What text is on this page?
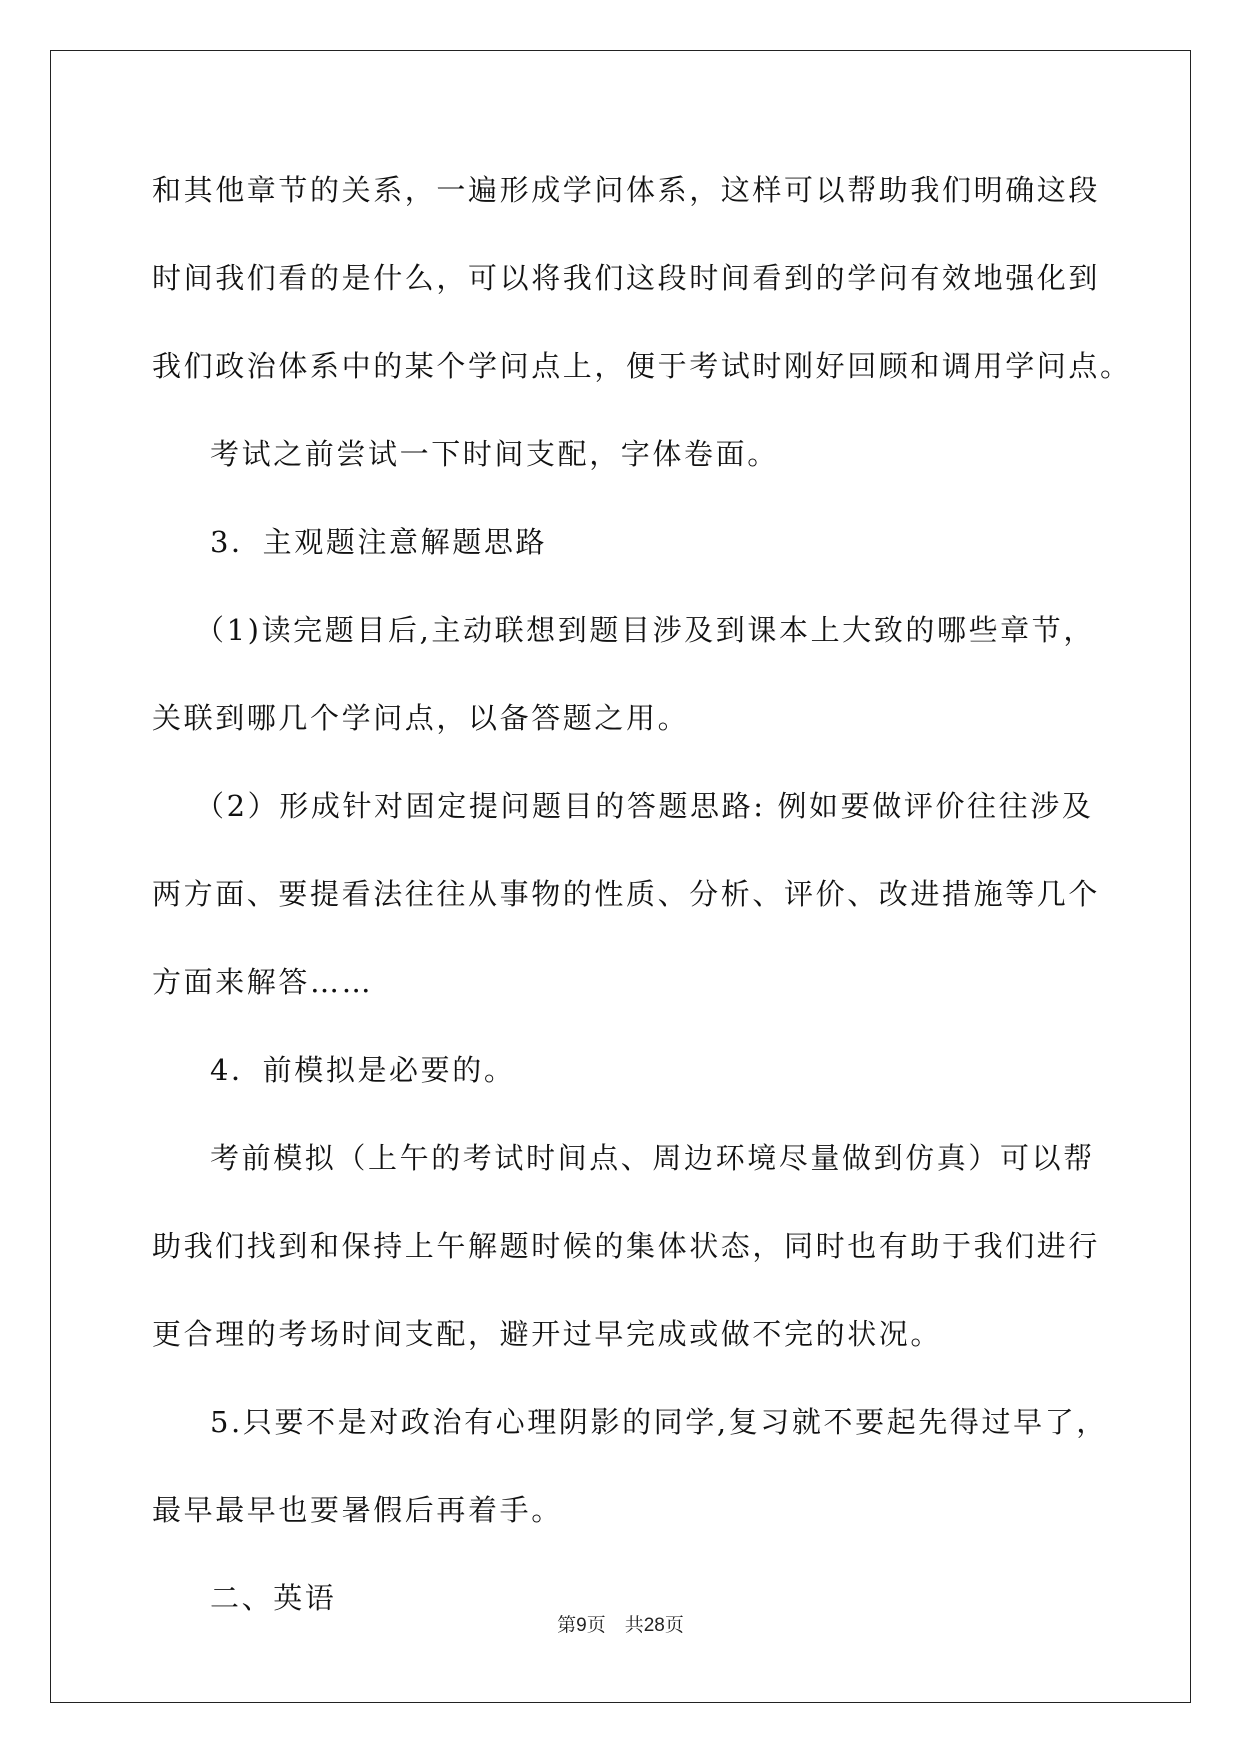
和其他章节的关系，一遍形成学问体系，这样可以帮助我们明确这段
时间我们看的是什么，可以将我们这段时间看到的学问有效地强化到
我们政治体系中的某个学问点上，便于考试时刚好回顾和调用学问点。
考试之前尝试一下时间支配，字体卷面。
3．主观题注意解题思路
（1)读完题目后,主动联想到题目涉及到课本上大致的哪些章节，
关联到哪几个学问点，以备答题之用。
（2）形成针对固定提问题目的答题思路: 例如要做评价往往涉及
两方面、要提看法往往从事物的性质、分析、评价、改进措施等几个
方面来解答……
4．前模拟是必要的。
考前模拟（上午的考试时间点、周边环境尽量做到仿真）可以帮
助我们找到和保持上午解题时候的集体状态，同时也有助于我们进行
更合理的考场时间支配，避开过早完成或做不完的状况。
5.只要不是对政治有心理阴影的同学,复习就不要起先得过早了，
最早最早也要暑假后再着手。
二、英语
第9页　共28页
